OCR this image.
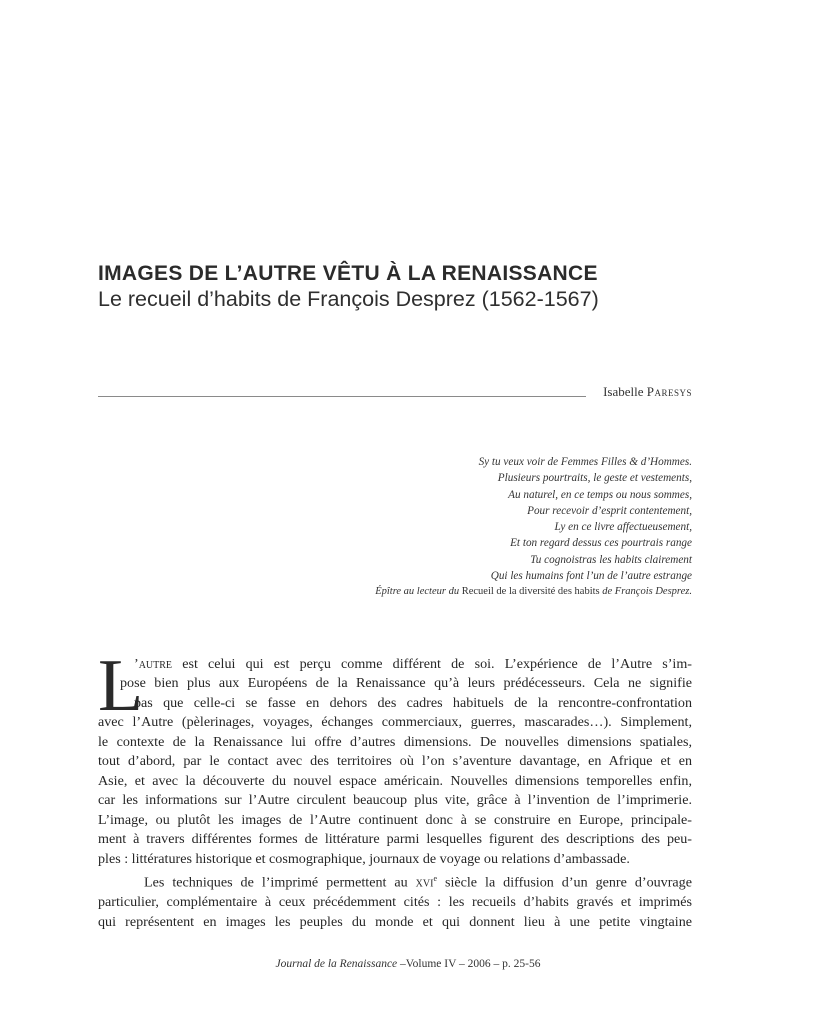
IMAGES DE L’AUTRE VÊTU À LA RENAISSANCE
Le recueil d’habits de François Desprez (1562-1567)
Isabelle Paresys
Sy tu veux voir de Femmes Filles & d’Hommes.
Plusieurs pourtraits, le geste et vestements,
Au naturel, en ce temps ou nous sommes,
Pour recevoir d’esprit contentement,
Ly en ce livre affectueusement,
Et ton regard dessus ces pourtrais range
Tu cognoistras les habits clairement
Qui les humains font l’un de l’autre estrange
Épître au lecteur du Recueil de la diversité des habits de François Desprez.
L
’autre est celui qui est perçu comme différent de soi. L’expérience de l’Autre s’im-
pose bien plus aux Européens de la Renaissance qu’à leurs prédécesseurs. Cela ne signifie
pas que celle-ci se fasse en dehors des cadres habituels de la rencontre-confrontation
avec l’Autre (pèlerinages, voyages, échanges commerciaux, guerres, mascarades…). Simplement,
le contexte de la Renaissance lui offre d’autres dimensions. De nouvelles dimensions spatiales,
tout d’abord, par le contact avec des territoires où l’on s’aventure davantage, en Afrique et en
Asie, et avec la découverte du nouvel espace américain. Nouvelles dimensions temporelles enfin,
car les informations sur l’Autre circulent beaucoup plus vite, grâce à l’invention de l’imprimerie.
L’image, ou plutôt les images de l’Autre continuent donc à se construire en Europe, principale-
ment à travers différentes formes de littérature parmi lesquelles figurent des descriptions des peu-
ples : littératures historique et cosmographique, journaux de voyage ou relations d’ambassade.
Les techniques de l’imprimé permettent au xvi$^e$ siècle la diffusion d’un genre d’ouvrage
particulier, complémentaire à ceux précédemment cités : les recueils d’habits gravés et imprimés
qui représentent en images les peuples du monde et qui donnent lieu à une petite vingtaine
Journal de la Renaissance –Volume IV – 2006 – p. 25-56
